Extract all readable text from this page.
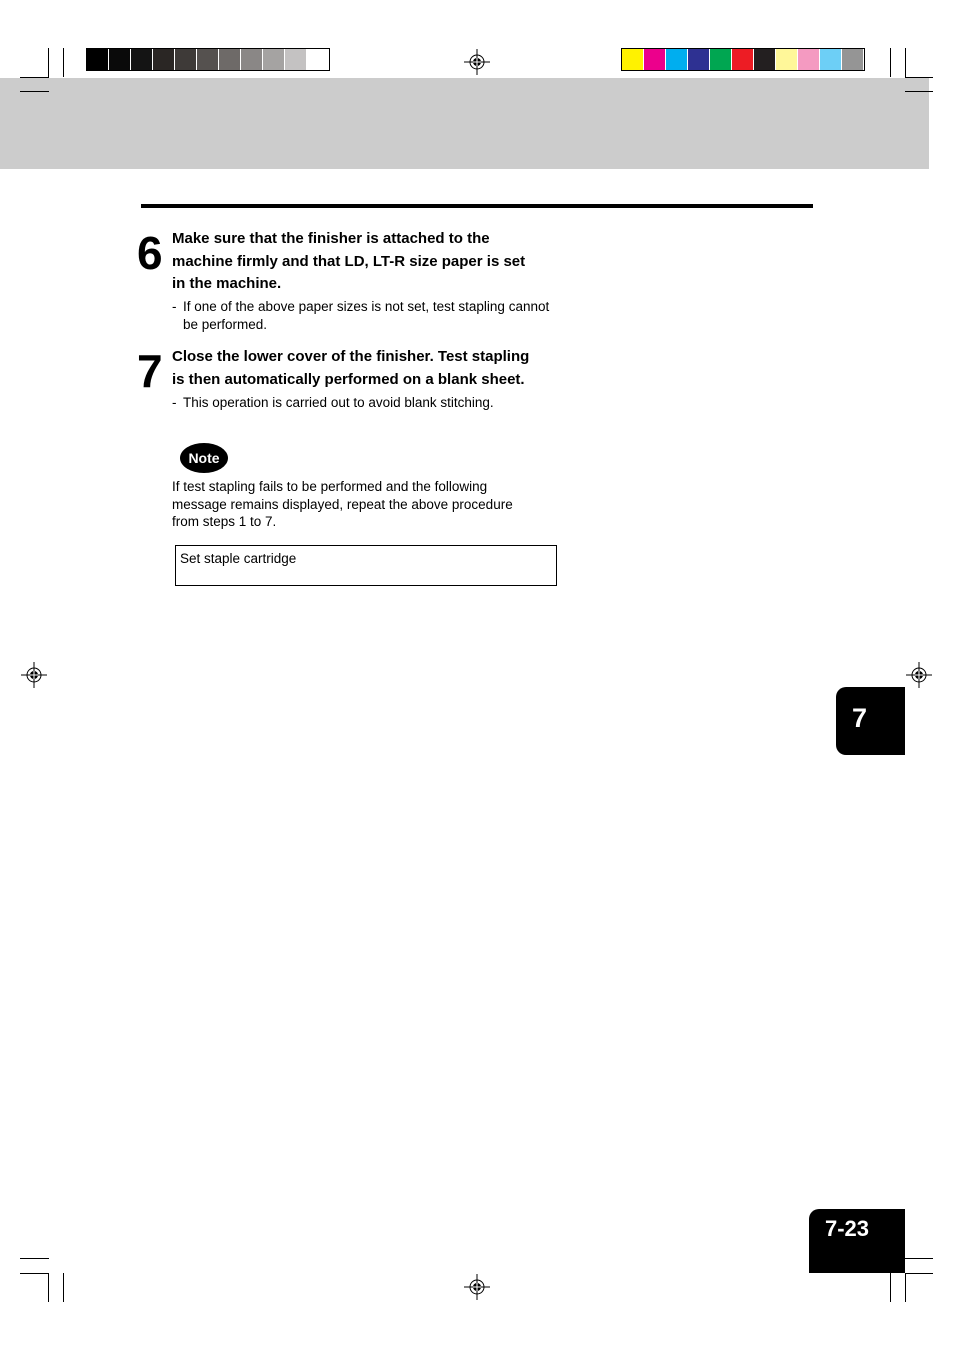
6 Make sure that the finisher is attached to the
machine firmly and that LD, LT-R size paper is set
in the machine.
- If one of the above paper sizes is not set, test stapling cannot
be performed.
7 Close the lower cover of the finisher. Test stapling
is then automatically performed on a blank sheet.
- This operation is carried out to avoid blank stitching.
Note
If test stapling fails to be performed and the following
message remains displayed, repeat the above procedure
from steps 1 to 7.
Set staple cartridge
7
7-23
